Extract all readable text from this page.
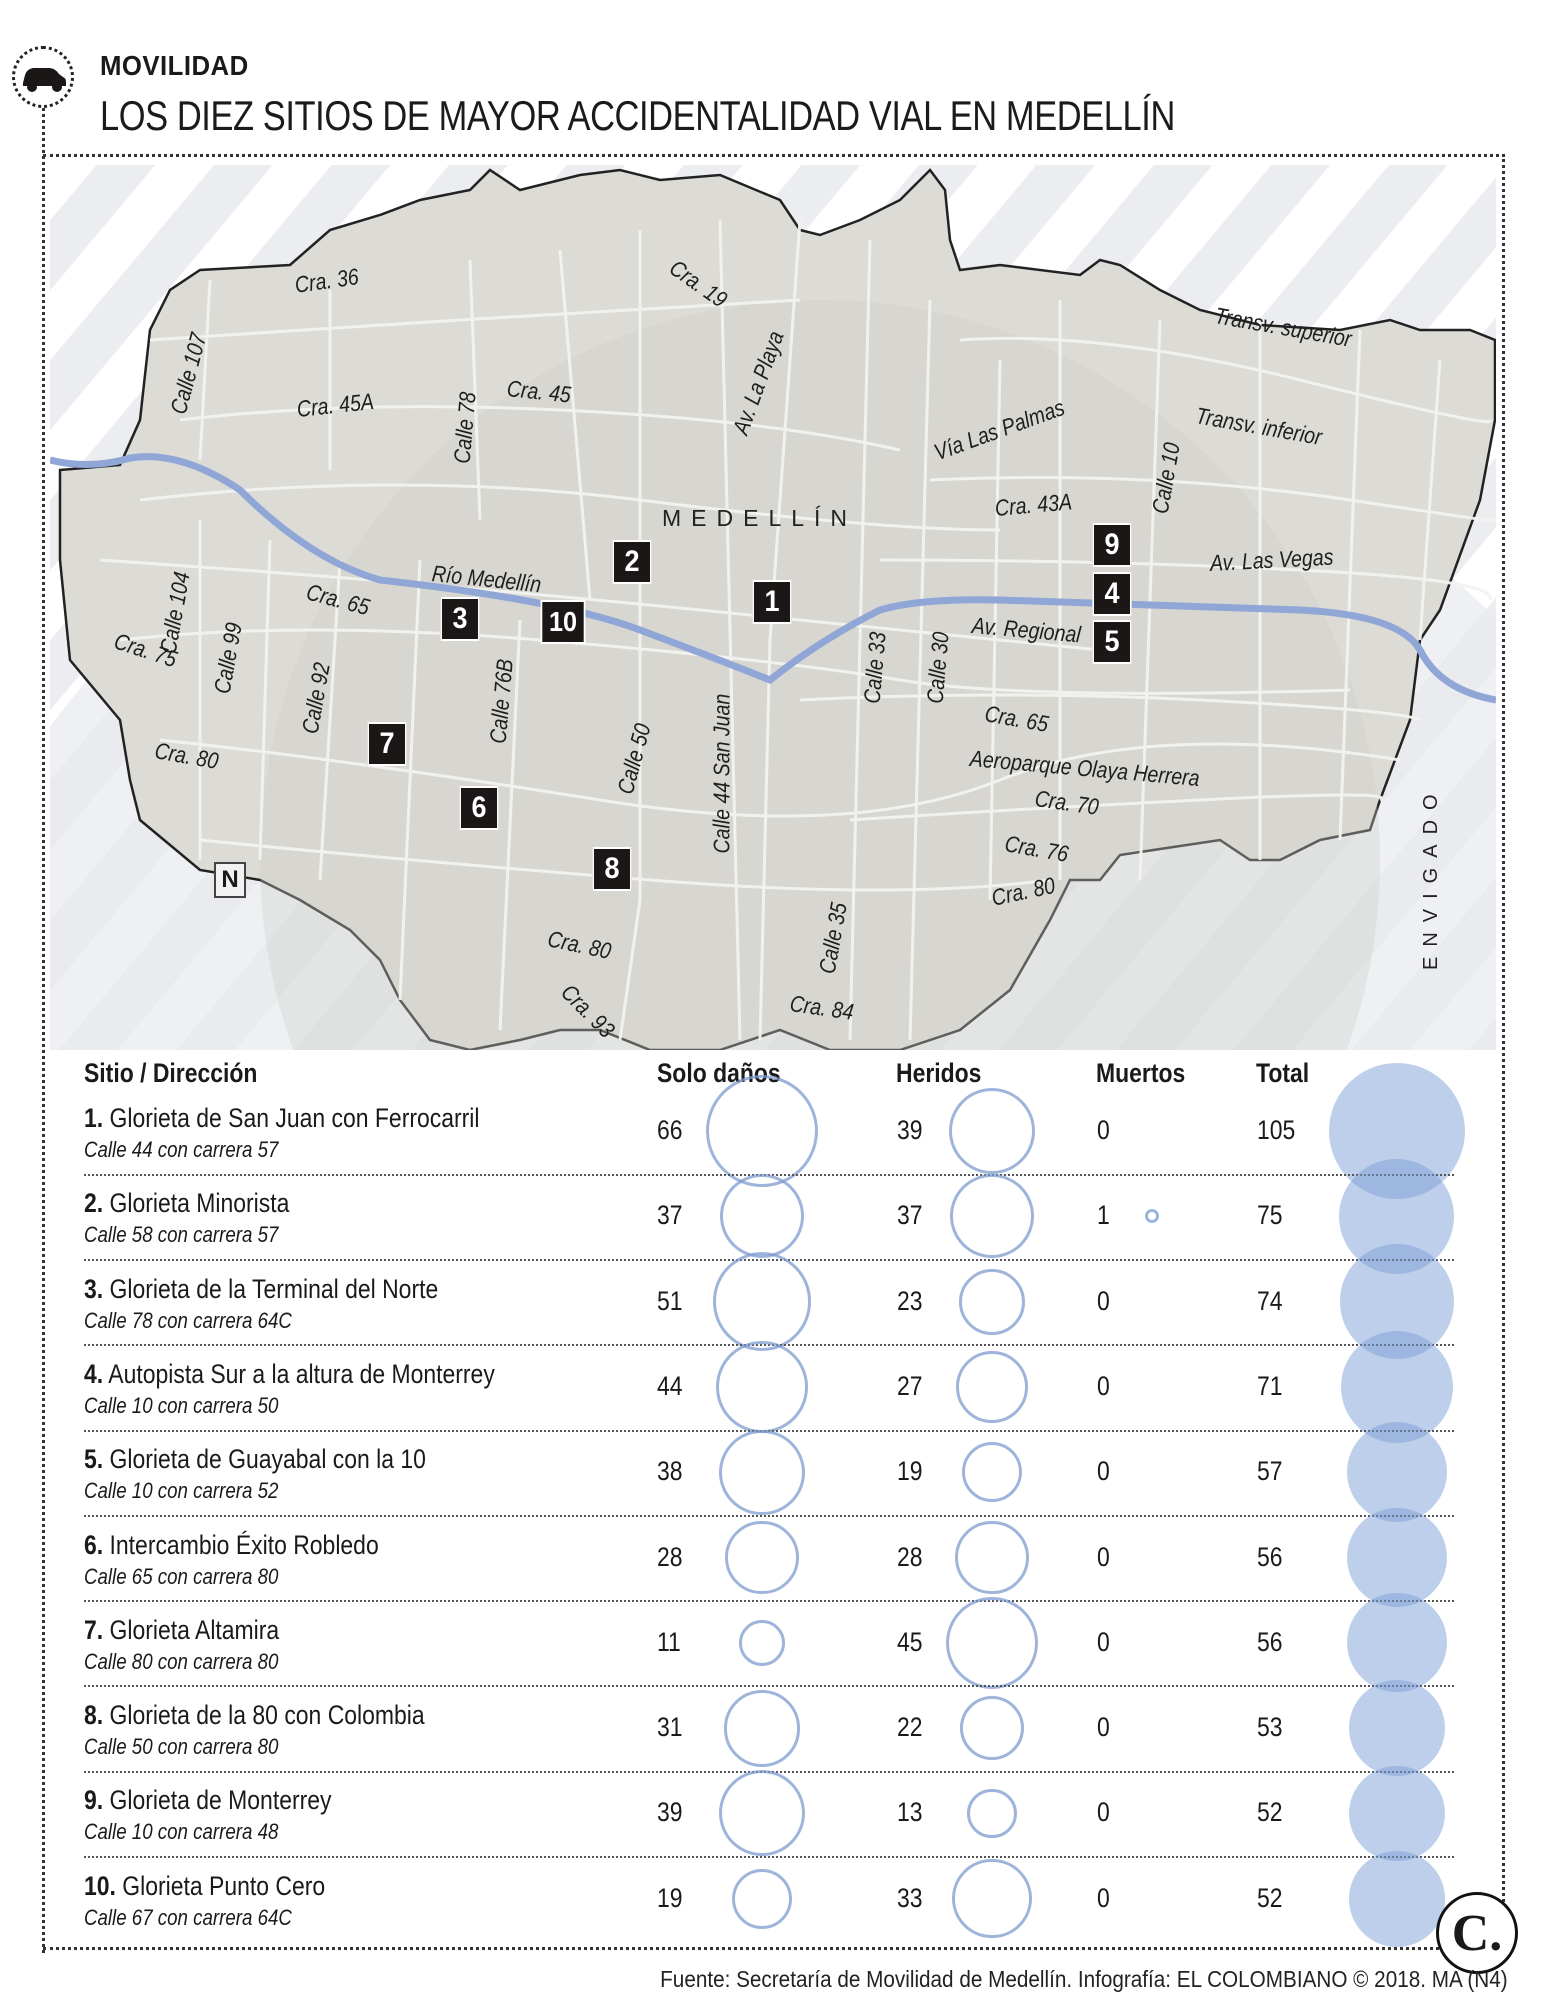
MOVILIDAD
LOS DIEZ SITIOS DE MAYOR ACCIDENTALIDAD VIAL EN MEDELLÍN
MEDELLÍN
ENVIGADO
N
Cra. 36	Cra. 19
Calle 107	Cra. 45A	Cra. 45
Calle 78	Av. La Playa	Vía Las Palmas
Transv. superior
Transv. inferior
Cra. 43A	Calle 10
Av. Las Vegas
Río Medellín
Cra. 65
Av. Regional
Cra. 75
Calle 104
Calle 99
Calle 92	Calle 76B
Calle 50 Calle 44 San Juan
Calle 33 Calle 30
Cra. 65
Aeroparque Olaya Herrera
Cra. 70
Cra. 80
Cra. 76
Cra. 80
Cra. 80	Calle 35
Cra. 93	Cra. 84
1
2
3
4
5
6
7
8
9
10
Sitio / Dirección	Solo daños	Heridos	Muertos	Total
1. Glorieta de San Juan con Ferrocarril
Calle 44 con carrera 57
66	39	0	105
2. Glorieta Minorista
Calle 58 con carrera 57
37	37	1	75
3. Glorieta de la Terminal del Norte
Calle 78 con carrera 64C
51	23	0	74
4. Autopista Sur a la altura de Monterrey
Calle 10 con carrera 50
44	27	0	71
5. Glorieta de Guayabal con la 10
Calle 10 con carrera 52
38	19	0	57
6. Intercambio Éxito Robledo
Calle 65 con carrera 80
28	28	0	56
7. Glorieta Altamira
Calle 80 con carrera 80
11	45	0	56
8. Glorieta de la 80 con Colombia
Calle 50 con carrera 80
31	22	0	53
9. Glorieta de Monterrey
Calle 10 con carrera 48
39	13	0	52
10. Glorieta Punto Cero
Calle 67 con carrera 64C
19	33	0	52
C.
Fuente: Secretaría de Movilidad de Medellín. Infografía: EL COLOMBIANO © 2018. MA (N4)
